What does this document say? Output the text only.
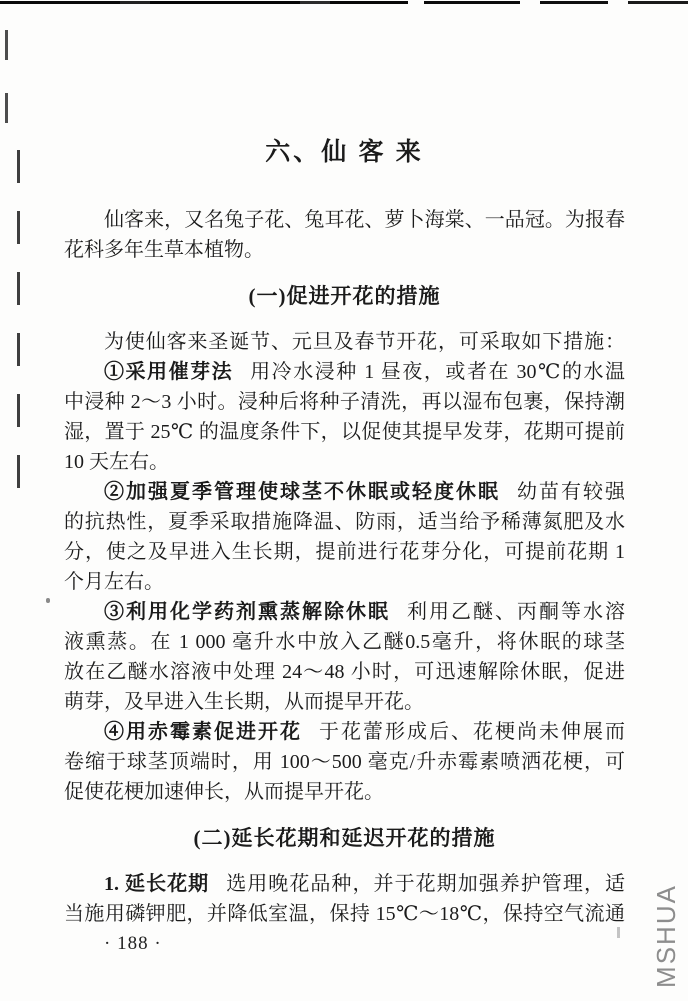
六、仙 客 来
仙客来，又名兔子花、兔耳花、萝卜海棠、一品冠。为报春
花科多年生草本植物。
(一)促进开花的措施
为使仙客来圣诞节、元旦及春节开花，可采取如下措施：
①采用催芽法 用冷水浸种 1 昼夜，或者在 30℃的水温
中浸种 2～3 小时。浸种后将种子清洗，再以湿布包裹，保持潮
湿，置于 25℃ 的温度条件下，以促使其提早发芽，花期可提前
10 天左右。
②加强夏季管理使球茎不休眠或轻度休眠 幼苗有较强
的抗热性，夏季采取措施降温、防雨，适当给予稀薄氮肥及水
分，使之及早进入生长期，提前进行花芽分化，可提前花期 1
个月左右。
③利用化学药剂熏蒸解除休眠 利用乙醚、丙酮等水溶
液熏蒸。在 1 000 毫升水中放入乙醚0.5毫升，将休眠的球茎
放在乙醚水溶液中处理 24～48 小时，可迅速解除休眠，促进
萌芽，及早进入生长期，从而提早开花。
④用赤霉素促进开花 于花蕾形成后、花梗尚未伸展而
卷缩于球茎顶端时，用 100～500 毫克/升赤霉素喷洒花梗，可
促使花梗加速伸长，从而提早开花。
(二)延长花期和延迟开花的措施
1. 延长花期 选用晚花品种，并于花期加强养护管理，适
当施用磷钾肥，并降低室温，保持 15℃～18℃，保持空气流通
· 188 ·	MSHUA
